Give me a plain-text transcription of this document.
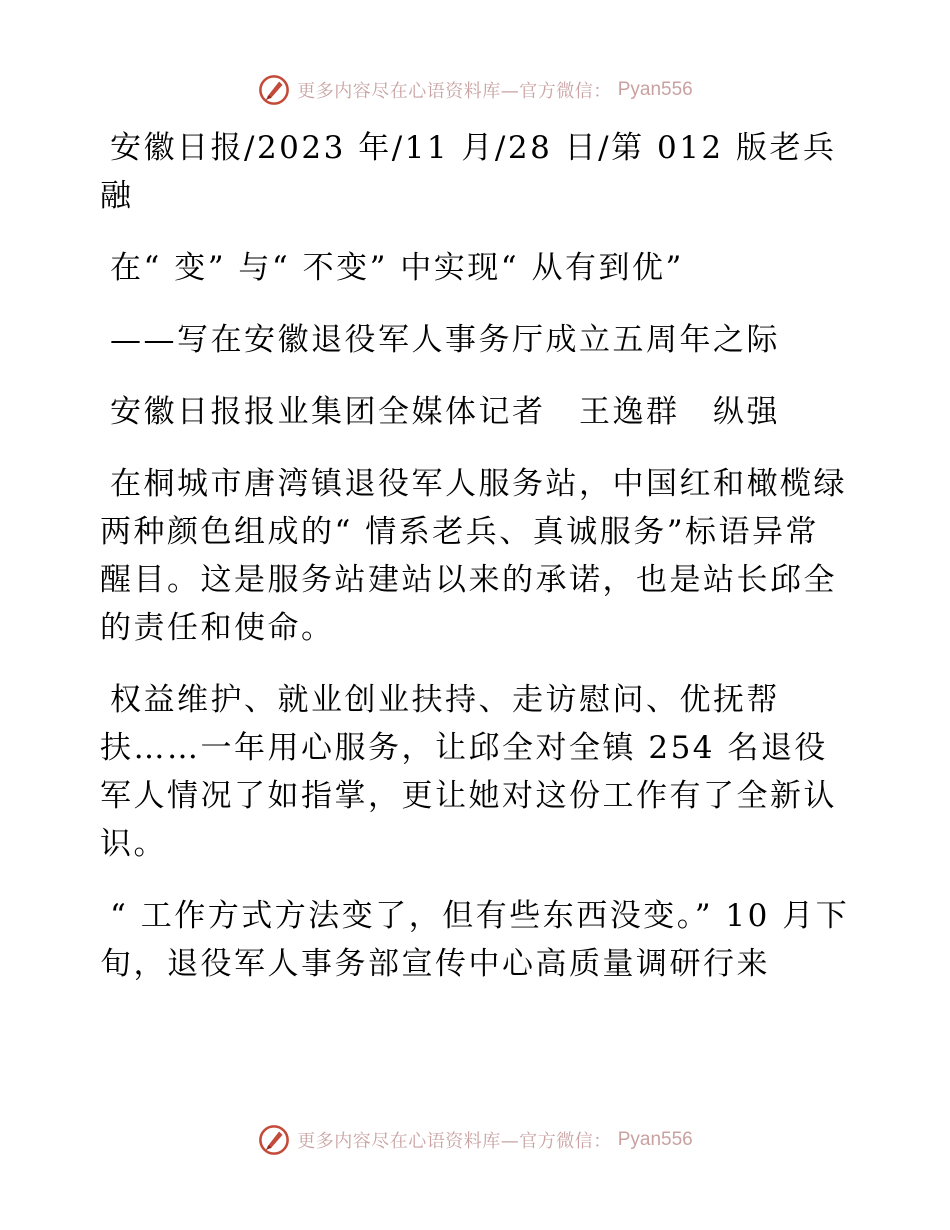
更多内容尽在心语资料库—官方微信： Pyan556

安徽日报/2023 年/11 月/28 日/第 012 版老兵融

在“ 变” 与“ 不变” 中实现“ 从有到优”

——写在安徽退役军人事务厅成立五周年之际

安徽日报报业集团全媒体记者　王逸群　纵强

在桐城市唐湾镇退役军人服务站，中国红和橄榄绿两种颜色组成的“ 情系老兵、真诚服务”标语异常醒目。这是服务站建站以来的承诺，也是站长邱全的责任和使命。

权益维护、就业创业扶持、走访慰问、优抚帮扶……一年用心服务，让邱全对全镇 254 名退役军人情况了如指掌，更让她对这份工作有了全新认识。

“ 工作方式方法变了，但有些东西没变。” 10 月下旬，退役军人事务部宣传中心高质量调研行来

更多内容尽在心语资料库—官方微信： Pyan556
